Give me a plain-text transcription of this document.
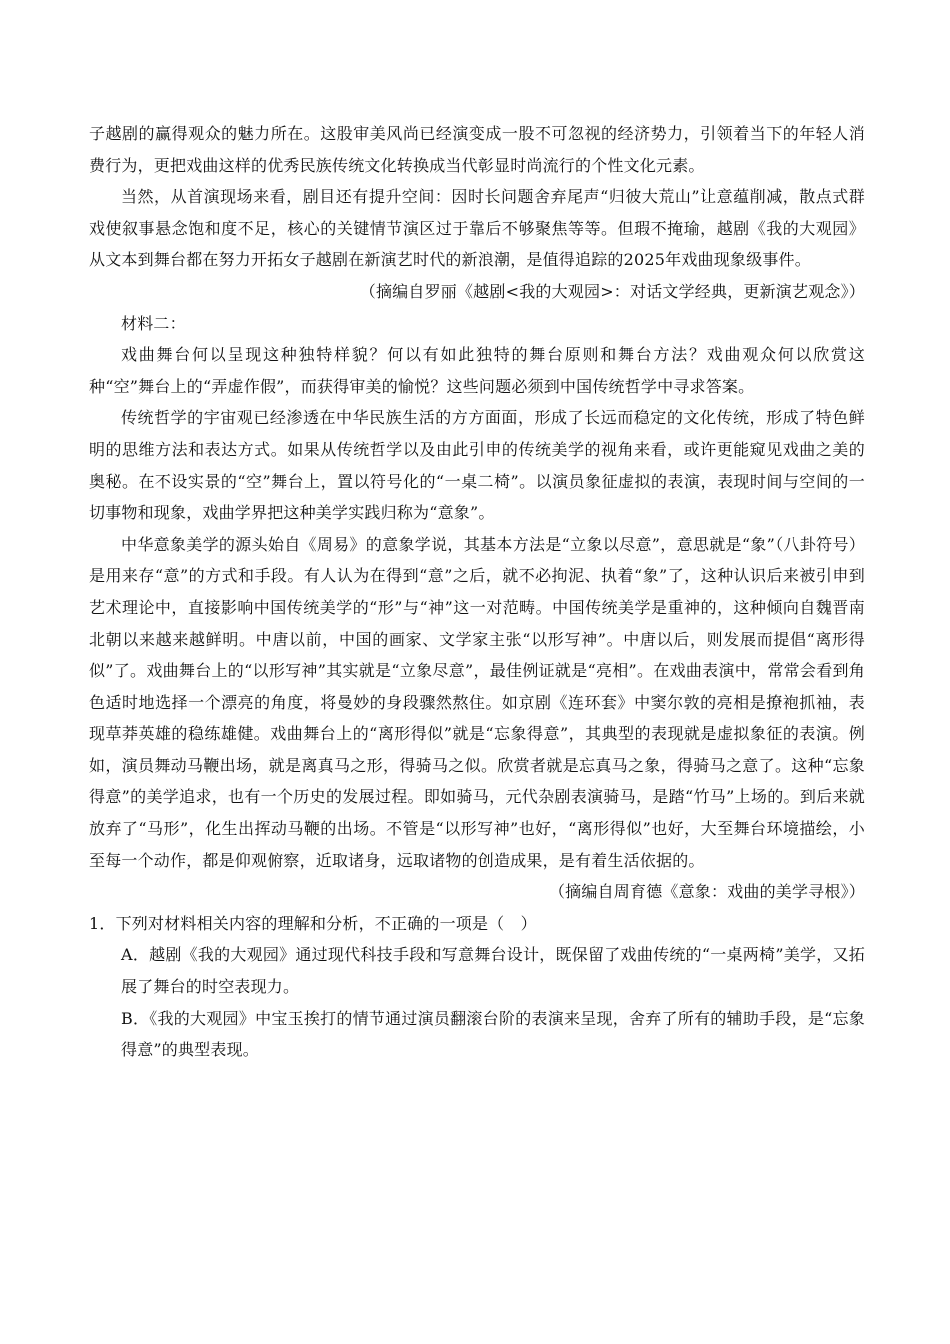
子越剧的赢得观众的魅力所在。这股审美风尚已经演变成一股不可忽视的经济势力，引领着当下的年轻人消费行为，更把戏曲这样的优秀民族传统文化转换成当代彰显时尚流行的个性文化元素。

当然，从首演现场来看，剧目还有提升空间：因时长问题舍弃尾声“归彼大荒山”让意蕴削减，散点式群戏使叙事悬念饱和度不足，核心的关键情节演区过于靠后不够聚焦等等。但瑕不掩瑜，越剧《我的大观园》从文本到舞台都在努力开拓女子越剧在新演艺时代的新浪潮，是值得追踪的2025年戏曲现象级事件。

（摘编自罗丽《越剧<我的大观园>：对话文学经典，更新演艺观念》）

材料二：

戏曲舞台何以呈现这种独特样貌？何以有如此独特的舞台原则和舞台方法？戏曲观众何以欣赏这种“空”舞台上的“弄虚作假”，而获得审美的愉悦？这些问题必须到中国传统哲学中寻求答案。

传统哲学的宇宙观已经渗透在中华民族生活的方方面面，形成了长远而稳定的文化传统，形成了特色鲜明的思维方法和表达方式。如果从传统哲学以及由此引申的传统美学的视角来看，或许更能窥见戏曲之美的奥秘。在不设实景的“空”舞台上，置以符号化的“一桌二椅”。以演员象征虚拟的表演，表现时间与空间的一切事物和现象，戏曲学界把这种美学实践归称为“意象”。

中华意象美学的源头始自《周易》的意象学说，其基本方法是“立象以尽意”，意思就是“象”（八卦符号）是用来存“意”的方式和手段。有人认为在得到“意”之后，就不必拘泥、执着“象”了，这种认识后来被引申到艺术理论中，直接影响中国传统美学的“形”与“神”这一对范畴。中国传统美学是重神的，这种倾向自魏晋南北朝以来越来越鲜明。中唐以前，中国的画家、文学家主张“以形写神”。中唐以后，则发展而提倡“离形得似”了。戏曲舞台上的“以形写神”其实就是“立象尽意”，最佳例证就是“亮相”。在戏曲表演中，常常会看到角色适时地选择一个漂亮的角度，将曼妙的身段骤然熬住。如京剧《连环套》中窦尔敦的亮相是撩袍抓袖，表现草莽英雄的稳练雄健。戏曲舞台上的“离形得似”就是“忘象得意”，其典型的表现就是虚拟象征的表演。例如，演员舞动马鞭出场，就是离真马之形，得骑马之似。欣赏者就是忘真马之象，得骑马之意了。这种“忘象得意”的美学追求，也有一个历史的发展过程。即如骑马，元代杂剧表演骑马，是踏“竹马”上场的。到后来就放弃了“马形”，化生出挥动马鞭的出场。不管是“以形写神”也好，“离形得似”也好，大至舞台环境描绘，小至每一个动作，都是仰观俯察，近取诸身，远取诸物的创造成果，是有着生活依据的。

（摘编自周育德《意象：戏曲的美学寻根》）

1．下列对材料相关内容的理解和分析，不正确的一项是（　）

A．越剧《我的大观园》通过现代科技手段和写意舞台设计，既保留了戏曲传统的“一桌两椅”美学，又拓展了舞台的时空表现力。

B．《我的大观园》中宝玉挨打的情节通过演员翻滚台阶的表演来呈现，舍弃了所有的辅助手段，是“忘象得意”的典型表现。
